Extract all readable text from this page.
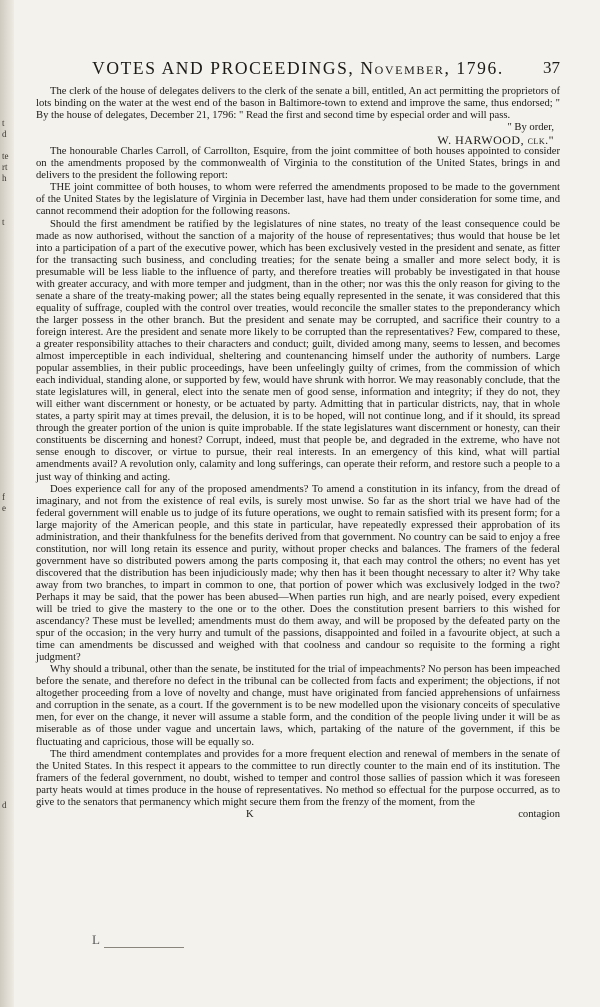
t
d
te
rt
h
t
f
e
d
VOTES AND PROCEEDINGS, November, 1796.	37

The clerk of the house of delegates delivers to the clerk of the senate a bill, entitled, An act permitting the proprietors of lots binding on the water at the west end of the bason in Baltimore-town to extend and improve the same, thus endorsed; " By the house of delegates, December 21, 1796: " Read the first and second time by especial order and will pass.

" By order,
W. HARWOOD, clk."

The honourable Charles Carroll, of Carrollton, Esquire, from the joint committee of both houses appointed to consider on the amendments proposed by the commonwealth of Virginia to the constitution of the United States, brings in and delivers to the president the following report:

THE joint committee of both houses, to whom were referred the amendments proposed to be made to the government of the United States by the legislature of Virginia in December last, have had them under consideration for some time, and cannot recommend their adoption for the following reasons.

Should the first amendment be ratified by the legislatures of nine states, no treaty of the least consequence could be made as now authorised, without the sanction of a majority of the house of representatives; thus would that house be let into a participation of a part of the executive power, which has been exclusively vested in the president and senate, as fitter for the transacting such business, and concluding treaties; for the senate being a smaller and more select body, it is presumable will be less liable to the influence of party, and therefore treaties will probably be investigated in that house with greater accuracy, and with more temper and judgment, than in the other; nor was this the only reason for giving to the senate a share of the treaty-making power; all the states being equally represented in the senate, it was considered that this equality of suffrage, coupled with the control over treaties, would reconcile the smaller states to the preponderancy which the larger possess in the other branch. But the president and senate may be corrupted, and sacrifice their country to a foreign interest. Are the president and senate more likely to be corrupted than the representatives? Few, compared to these, a greater responsibility attaches to their characters and conduct; guilt, divided among many, seems to lessen, and becomes almost imperceptible in each individual, sheltering and countenancing himself under the authority of numbers. Large popular assemblies, in their public proceedings, have been unfeelingly guilty of crimes, from the commission of which each individual, standing alone, or supported by few, would have shrunk with horror. We may reasonably conclude, that the state legislatures will, in general, elect into the senate men of good sense, information and integrity; if they do not, they will either want discernment or honesty, or be actuated by party. Admitting that in particular districts, nay, that in whole states, a party spirit may at times prevail, the delusion, it is to be hoped, will not continue long, and if it should, its spread through the greater portion of the union is quite improbable. If the state legislatures want discernment or honesty, can their constituents be discerning and honest? Corrupt, indeed, must that people be, and degraded in the extreme, who have not sense enough to discover, or virtue to pursue, their real interests. In an emergency of this kind, what will partial amendments avail? A revolution only, calamity and long sufferings, can operate their reform, and restore such a people to a just way of thinking and acting.

Does experience call for any of the proposed amendments? To amend a constitution in its infancy, from the dread of imaginary, and not from the existence of real evils, is surely most unwise. So far as the short trial we have had of the federal government will enable us to judge of its future operations, we ought to remain satisfied with its present form; for a large majority of the American people, and this state in particular, have repeatedly expressed their approbation of its administration, and their thankfulness for the benefits derived from that government. No country can be said to enjoy a free constitution, nor will long retain its essence and purity, without proper checks and balances. The framers of the federal government have so distributed powers among the parts composing it, that each may control the others; no event has yet discovered that the distribution has been injudiciously made; why then has it been thought necessary to alter it? Why take away from two branches, to impart in common to one, that portion of power which was exclusively lodged in the two? Perhaps it may be said, that the power has been abused—When parties run high, and are nearly poised, every expedient will be tried to give the mastery to the one or to the other. Does the constitution present barriers to this wished for ascendancy? These must be levelled; amendments must do them away, and will be proposed by the defeated party on the spur of the occasion; in the very hurry and tumult of the passions, disappointed and foiled in a favourite object, at such a time can amendments be discussed and weighed with that coolness and candour so requisite to the forming a right judgment?

Why should a tribunal, other than the senate, be instituted for the trial of impeachments? No person has been impeached before the senate, and therefore no defect in the tribunal can be collected from facts and experiment; the objections, if not altogether proceeding from a love of novelty and change, must have originated from fancied apprehensions of unfairness and corruption in the senate, as a court. If the government is to be new modelled upon the visionary conceits of speculative men, for ever on the change, it never will assume a stable form, and the condition of the people living under it will be as miserable as of those under vague and uncertain laws, which, partaking of the nature of the government, if this be fluctuating and capricious, those will be equally so.

The third amendment contemplates and provides for a more frequent election and renewal of members in the senate of the United States. In this respect it appears to the committee to run directly counter to the main end of its institution. The framers of the federal government, no doubt, wished to temper and control those sallies of passion which it was foreseen party heats would at times produce in the house of representatives. No method so effectual for the purpose occurred, as to give to the senators that permanency which might secure them from the frenzy of the moment, from the

K	contagion
L
